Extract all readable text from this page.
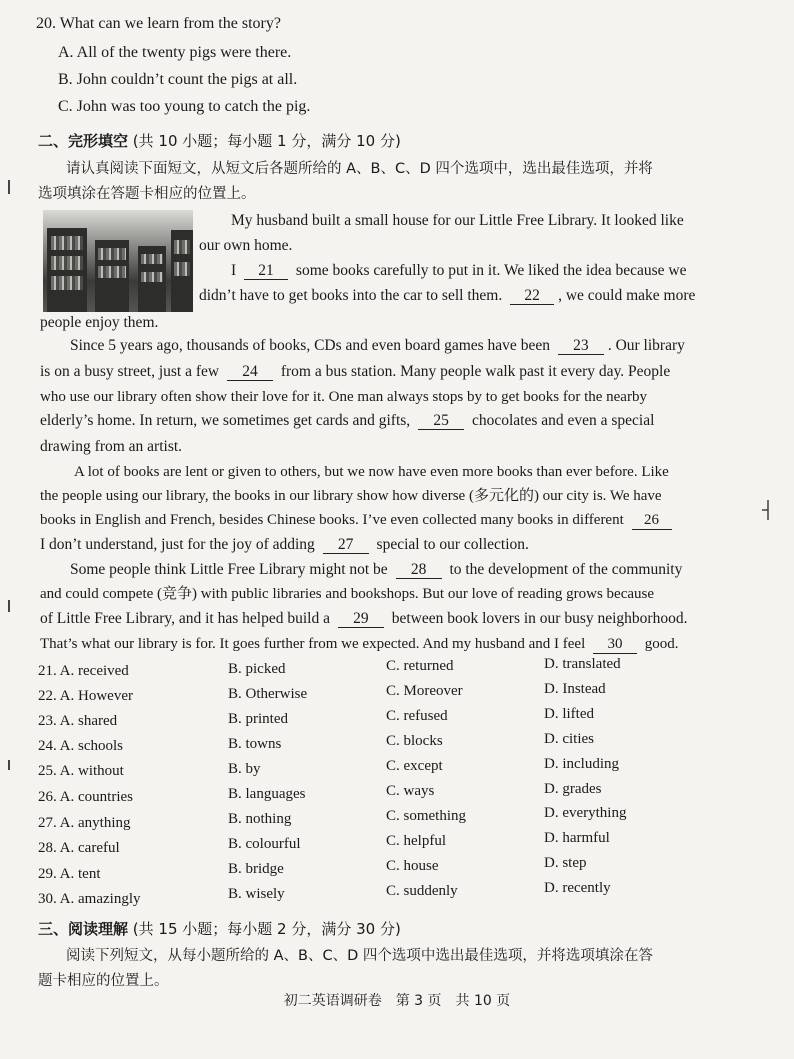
20. What can we learn from the story?
A. All of the twenty pigs were there.
B. John couldn’t count the pigs at all.
C. John was too young to catch the pig.
二、完形填空 (共 10 小题；每小题 1 分，满分 10 分)
请认真阅读下面短文，从短文后各题所给的 A、B、C、D 四个选项中，选出最佳选项，并将
选项填涂在答题卡相应的位置上。
My husband built a small house for our Little Free Library. It looked like
our own home.
I 21 some books carefully to put in it. We liked the idea because we
didn’t have to get books into the car to sell them. 22 , we could make more
people enjoy them.
Since 5 years ago, thousands of books, CDs and even board games have been 23 . Our library
is on a busy street, just a few 24 from a bus station. Many people walk past it every day. People
who use our library often show their love for it. One man always stops by to get books for the nearby
elderly’s home. In return, we sometimes get cards and gifts, 25 chocolates and even a special
drawing from an artist.
A lot of books are lent or given to others, but we now have even more books than ever before. Like
the people using our library, the books in our library show how diverse (多元化的) our city is. We have
books in English and French, besides Chinese books. I’ve even collected many books in different 26
I don’t understand, just for the joy of adding 27 special to our collection.
Some people think Little Free Library might not be 28 to the development of the community
and could compete (竞争) with public libraries and bookshops. But our love of reading grows because
of Little Free Library, and it has helped build a 29 between book lovers in our busy neighborhood.
That’s what our library is for. It goes further from we expected. And my husband and I feel 30 good.
21. A. received	B. picked	C. returned	D. translated
22. A. However	B. Otherwise	C. Moreover	D. Instead
23. A. shared	B. printed	C. refused	D. lifted
24. A. schools	B. towns	C. blocks	D. cities
25. A. without	B. by	C. except	D. including
26. A. countries	B. languages	C. ways	D. grades
27. A. anything	B. nothing	C. something	D. everything
28. A. careful	B. colourful	C. helpful	D. harmful
29. A. tent	B. bridge	C. house	D. step
30. A. amazingly	B. wisely	C. suddenly	D. recently
三、阅读理解 (共 15 小题；每小题 2 分，满分 30 分)
阅读下列短文，从每小题所给的 A、B、C、D 四个选项中选出最佳选项，并将选项填涂在答
题卡相应的位置上。
初二英语调研卷　第 3 页　共 10 页
